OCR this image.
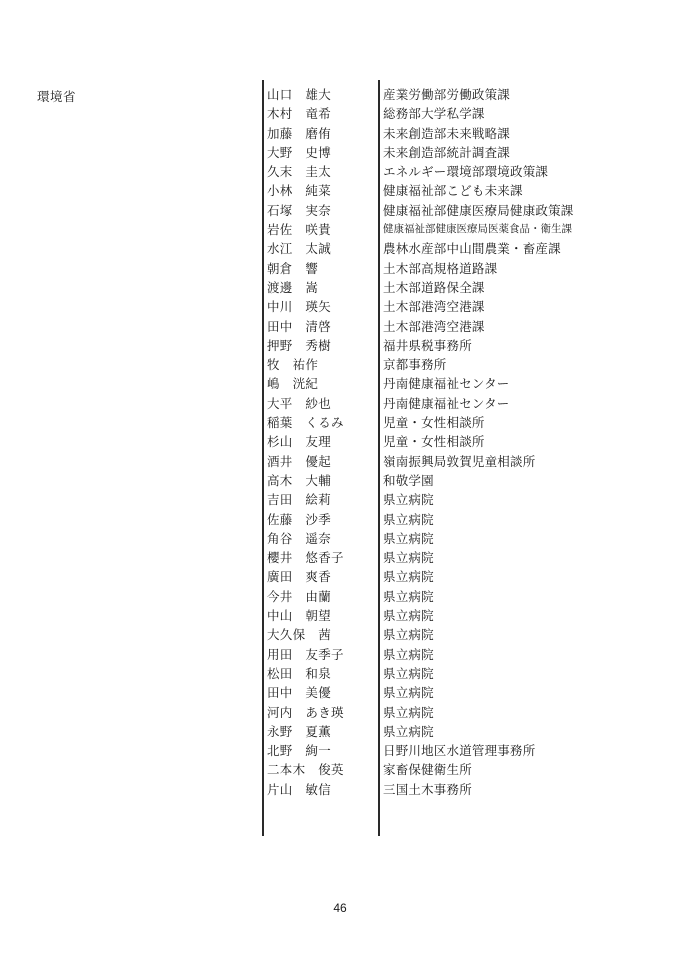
環境省	山口　雄大	産業労働部労働政策課
木村　竜希	総務部大学私学課
加藤　磨侑	未来創造部未来戦略課
大野　史博	未来創造部統計調査課
久末　圭太	エネルギー環境部環境政策課
小林　純菜	健康福祉部こども未来課
石塚　実奈	健康福祉部健康医療局健康政策課
岩佐　咲貴	健康福祉部健康医療局医薬食品・衛生課
水江　太誠	農林水産部中山間農業・畜産課
朝倉　響	土木部高規格道路課
渡邊　嵩	土木部道路保全課
中川　瑛矢	土木部港湾空港課
田中　清啓	土木部港湾空港課
押野　秀樹	福井県税事務所
牧　祐作	京都事務所
嶋　洸紀	丹南健康福祉センター
大平　紗也	丹南健康福祉センター
稲葉　くるみ	児童・女性相談所
杉山　友理	児童・女性相談所
酒井　優起	嶺南振興局敦賀児童相談所
高木　大輔	和敬学園
吉田　絵莉	県立病院
佐藤　沙季	県立病院
角谷　遥奈	県立病院
櫻井　悠香子	県立病院
廣田　爽香	県立病院
今井　由蘭	県立病院
中山　朝望	県立病院
大久保　茜	県立病院
用田　友季子	県立病院
松田　和泉	県立病院
田中　美優	県立病院
河内　あき瑛	県立病院
永野　夏薫	県立病院
北野　絢一	日野川地区水道管理事務所
二本木　俊英	家畜保健衛生所
片山　敏信	三国土木事務所
46
